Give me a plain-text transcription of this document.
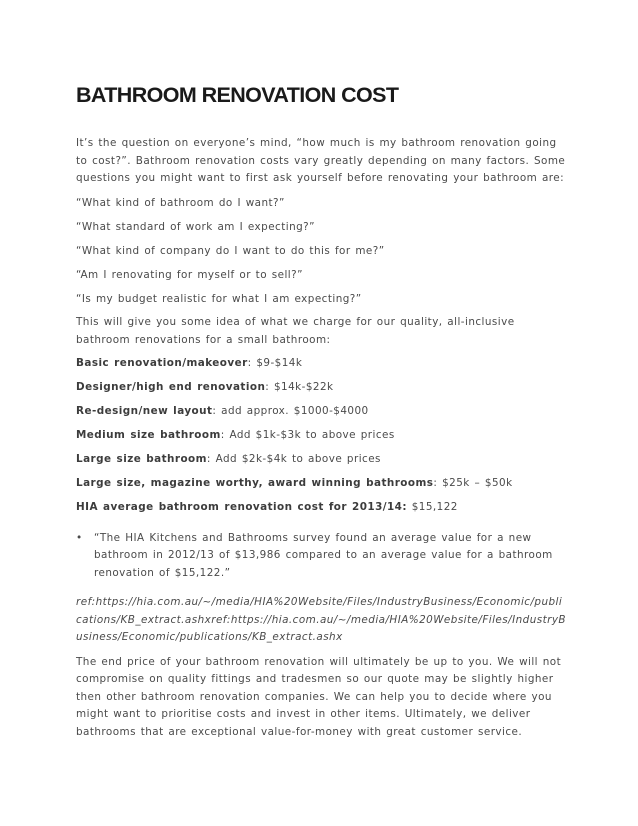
BATHROOM RENOVATION COST

It’s the question on everyone’s mind, “how much is my bathroom renovation going to cost?”. Bathroom renovation costs vary greatly depending on many factors. Some questions you might want to first ask yourself before renovating your bathroom are:

“What kind of bathroom do I want?”

“What standard of work am I expecting?”

“What kind of company do I want to do this for me?”

“Am I renovating for myself or to sell?”

“Is my budget realistic for what I am expecting?”

This will give you some idea of what we charge for our quality, all-inclusive bathroom renovations for a small bathroom:

Basic renovation/makeover: $9-$14k

Designer/high end renovation: $14k-$22k

Re-design/new layout: add approx. $1000-$4000

Medium size bathroom: Add $1k-$3k to above prices

Large size bathroom: Add $2k-$4k to above prices

Large size, magazine worthy, award winning bathrooms: $25k – $50k

HIA average bathroom renovation cost for 2013/14: $15,122

•	“The HIA Kitchens and Bathrooms survey found an average value for a new bathroom in 2012/13 of $13,986 compared to an average value for a bathroom renovation of $15,122.”

ref:https://hia.com.au/~/media/HIA%20Website/Files/IndustryBusiness/Economic/publications/KB_extract.ashxref:https://hia.com.au/~/media/HIA%20Website/Files/IndustryBusiness/Economic/publications/KB_extract.ashx

The end price of your bathroom renovation will ultimately be up to you. We will not compromise on quality fittings and tradesmen so our quote may be slightly higher then other bathroom renovation companies. We can help you to decide where you might want to prioritise costs and invest in other items. Ultimately, we deliver bathrooms that are exceptional value-for-money with great customer service.
